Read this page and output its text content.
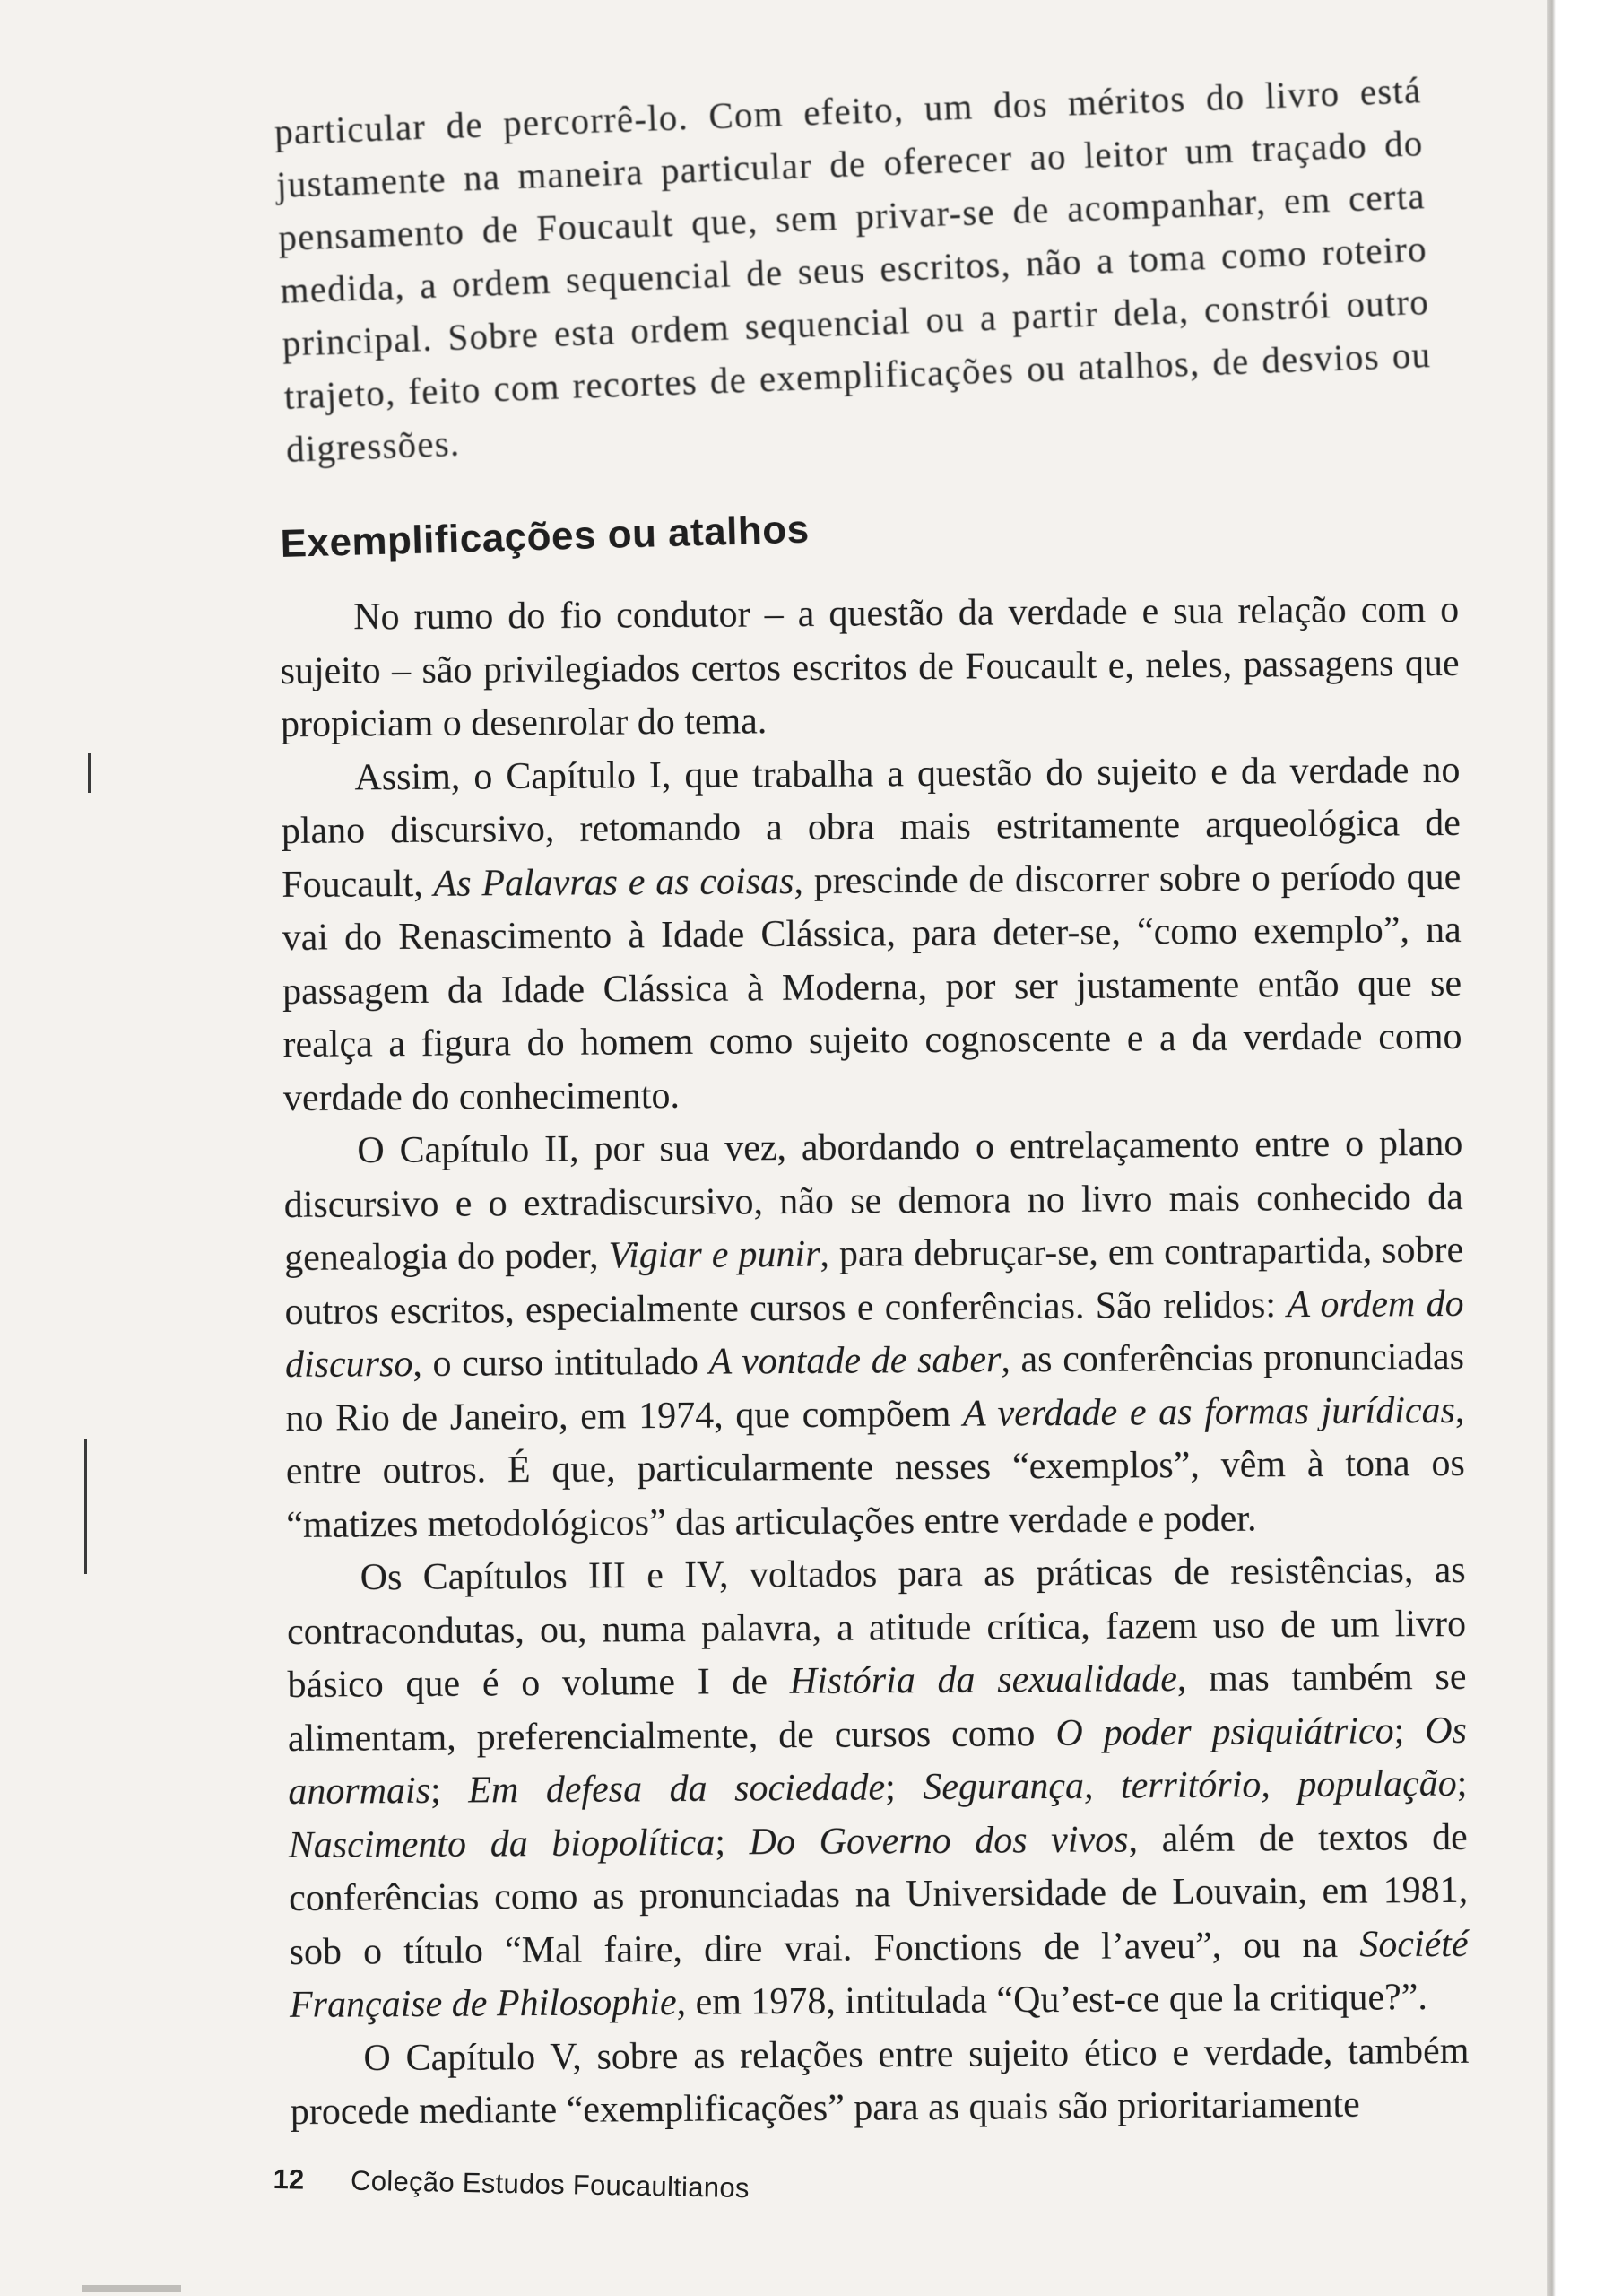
particular de percorrê-lo. Com efeito, um dos méritos do livro está justamente na maneira particular de oferecer ao leitor um traçado do pensamento de Foucault que, sem privar-se de acompanhar, em certa medida, a ordem sequencial de seus escritos, não a toma como roteiro principal. Sobre esta ordem sequencial ou a partir dela, constrói outro trajeto, feito com recortes de exemplificações ou atalhos, de desvios ou digressões.

Exemplificações ou atalhos

No rumo do fio condutor – a questão da verdade e sua relação com o sujeito – são privilegiados certos escritos de Foucault e, neles, passagens que propiciam o desenrolar do tema.

Assim, o Capítulo I, que trabalha a questão do sujeito e da verdade no plano discursivo, retomando a obra mais estritamente arqueológica de Foucault, As Palavras e as coisas, prescinde de discorrer sobre o período que vai do Renascimento à Idade Clássica, para deter-se, “como exemplo”, na passagem da Idade Clássica à Moderna, por ser justamente então que se realça a figura do homem como sujeito cognoscente e a da verdade como verdade do conhecimento.

O Capítulo II, por sua vez, abordando o entrelaçamento entre o plano discursivo e o extradiscursivo, não se demora no livro mais conhecido da genealogia do poder, Vigiar e punir, para debruçar-se, em contrapartida, sobre outros escritos, especialmente cursos e conferências. São relidos: A ordem do discurso, o curso intitulado A vontade de saber, as conferências pronunciadas no Rio de Janeiro, em 1974, que compõem A verdade e as formas jurídicas, entre outros. É que, particularmente nesses “exemplos”, vêm à tona os “matizes metodológicos” das articulações entre verdade e poder.

Os Capítulos III e IV, voltados para as práticas de resistências, as contracondutas, ou, numa palavra, a atitude crítica, fazem uso de um livro básico que é o volume I de História da sexualidade, mas também se alimentam, preferencialmente, de cursos como O poder psiquiátrico; Os anormais; Em defesa da sociedade; Segurança, território, população; Nascimento da biopolítica; Do Governo dos vivos, além de textos de conferências como as pronunciadas na Universidade de Louvain, em 1981, sob o título “Mal faire, dire vrai. Fonctions de l’aveu”, ou na Société Française de Philosophie, em 1978, intitulada “Qu’est-ce que la critique?”.

O Capítulo V, sobre as relações entre sujeito ético e verdade, também procede mediante “exemplificações” para as quais são prioritariamente

12 Coleção Estudos Foucaultianos
